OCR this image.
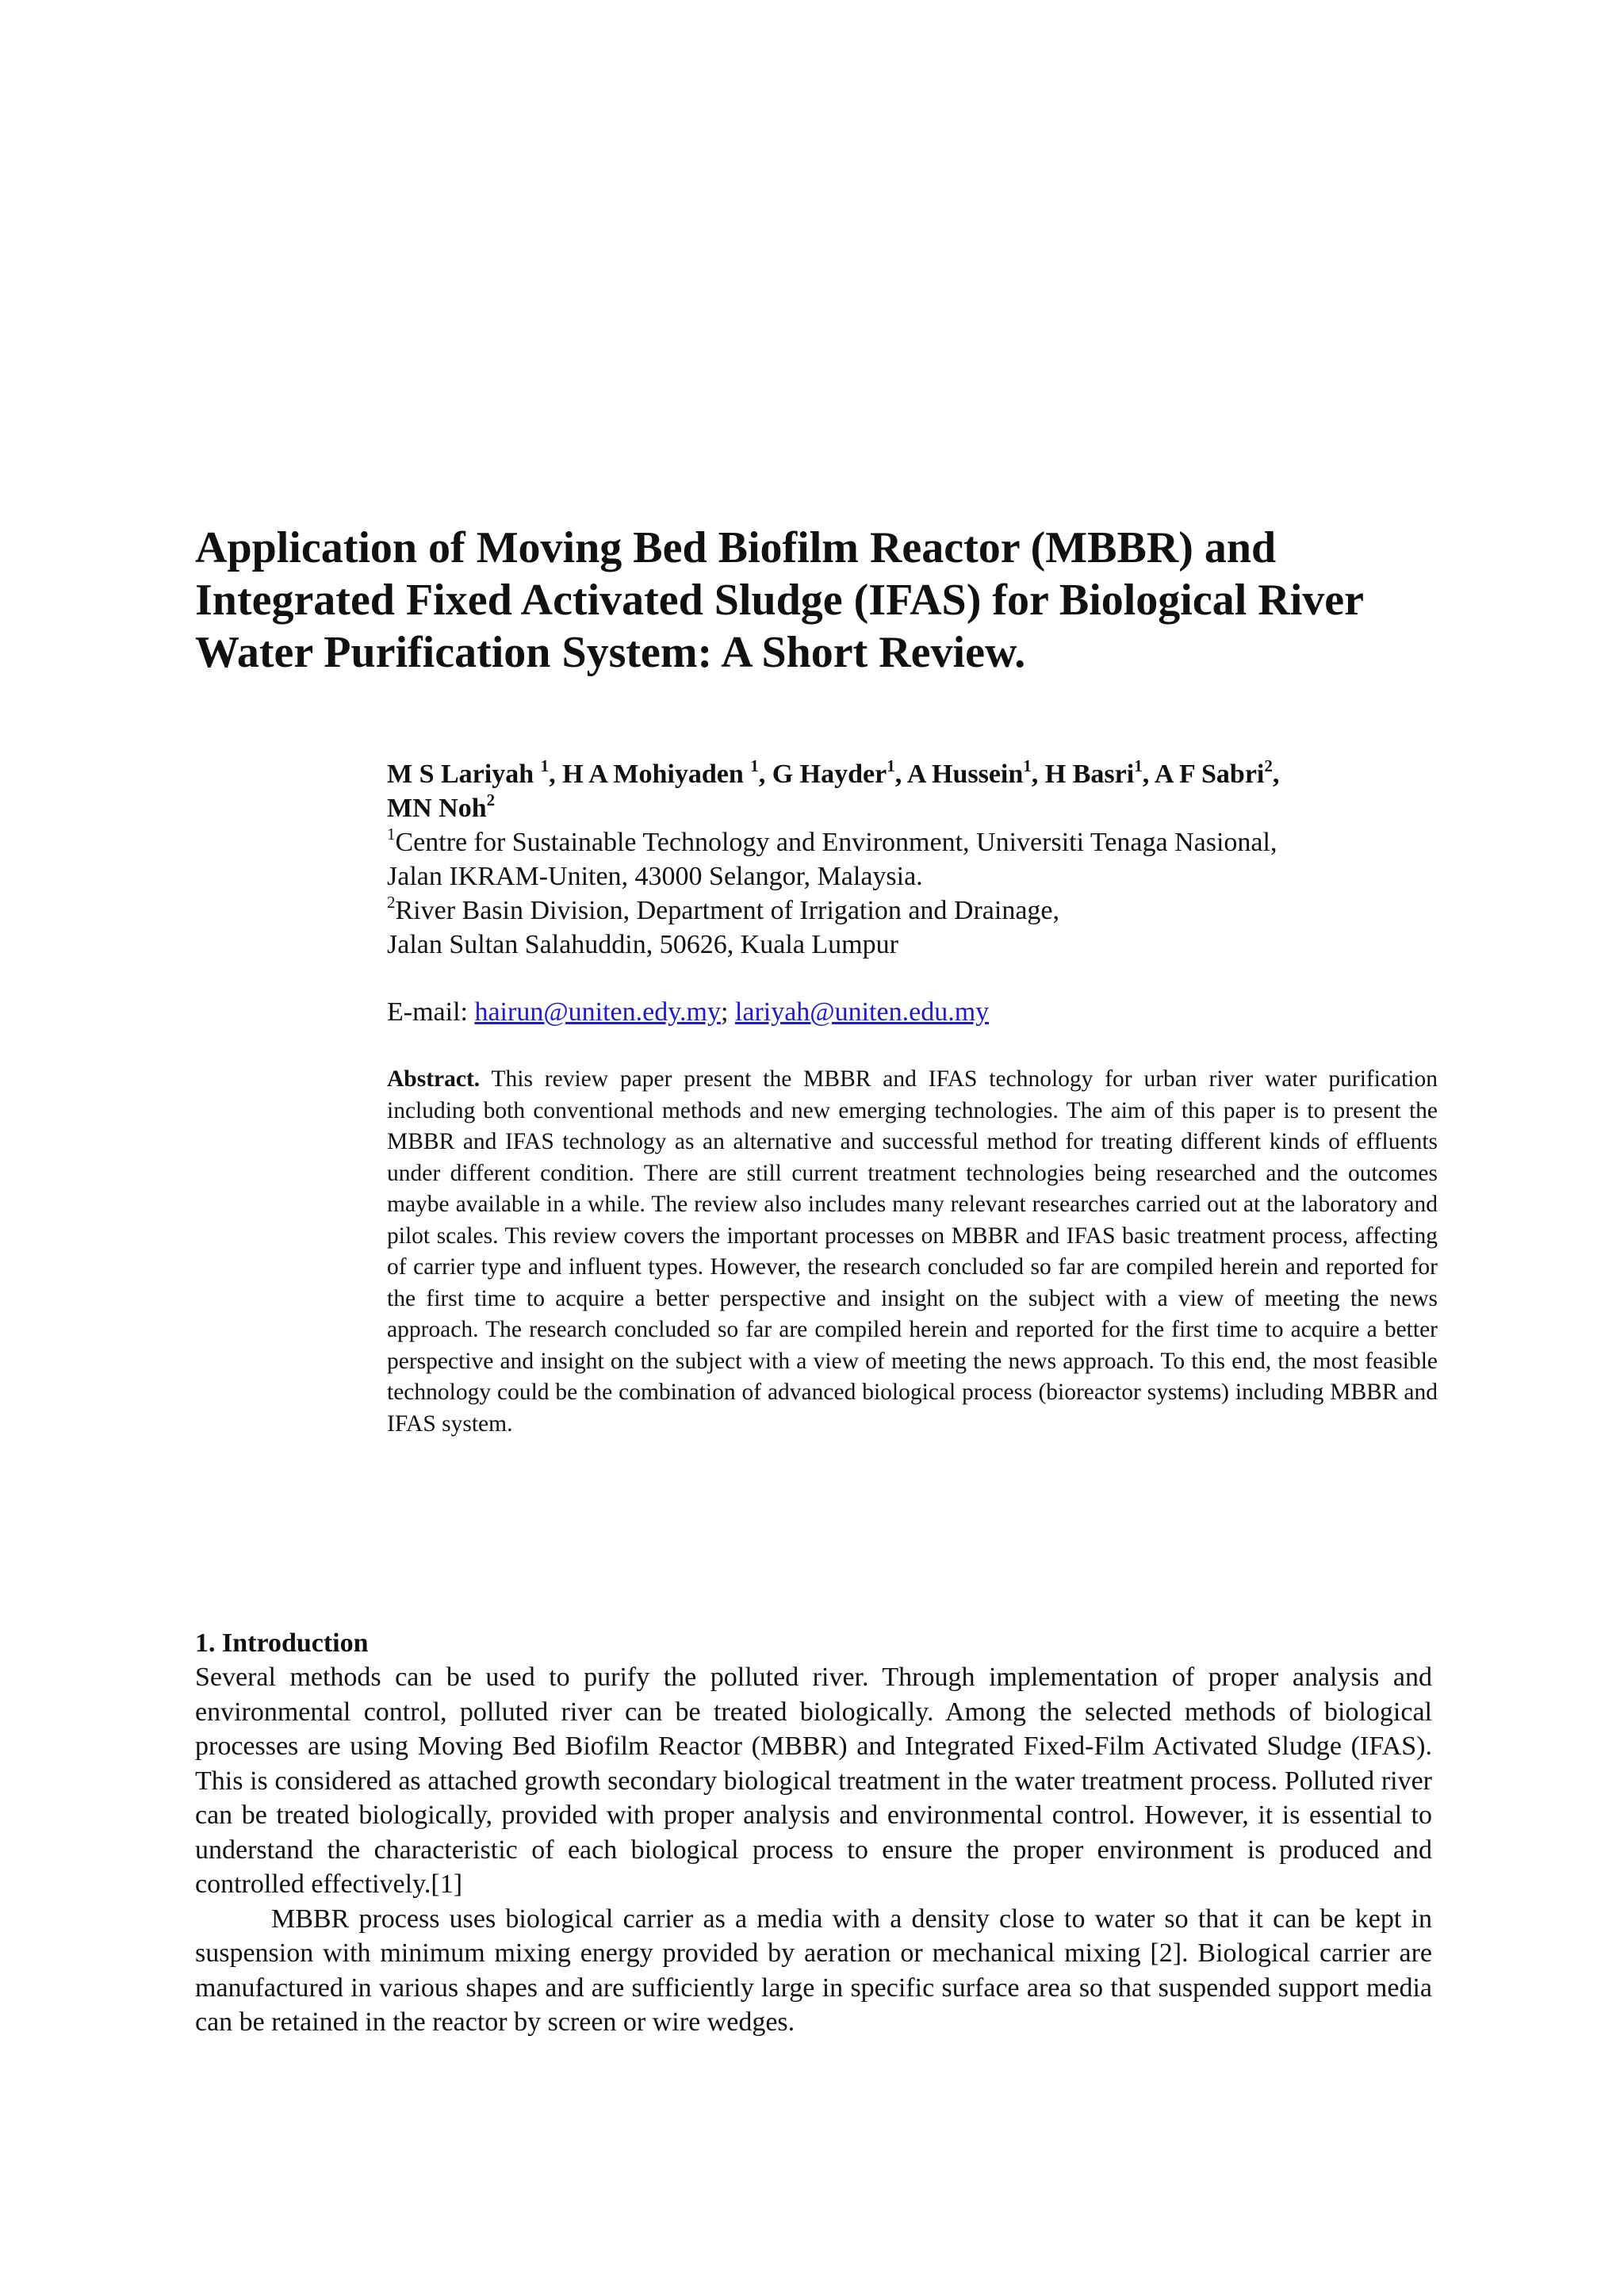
Application of Moving Bed Biofilm Reactor (MBBR) and
Integrated Fixed Activated Sludge (IFAS) for Biological River
Water Purification System: A Short Review.

M S Lariyah $^1$, H A Mohiyaden $^1$, G Hayder$^1$, A Hussein$^1$, H Basri$^1$, A F Sabri$^2$,
MN Noh$^2$

$^1$Centre for Sustainable Technology and Environment, Universiti Tenaga Nasional,
Jalan IKRAM-Uniten, 43000 Selangor, Malaysia.

$^2$River Basin Division, Department of Irrigation and Drainage,
Jalan Sultan Salahuddin, 50626, Kuala Lumpur

E-mail: hairun@uniten.edy.my; lariyah@uniten.edu.my

Abstract. This review paper present the MBBR and IFAS technology for urban river water purification including both conventional methods and new emerging technologies. The aim of this paper is to present the MBBR and IFAS technology as an alternative and successful method for treating different kinds of effluents under different condition. There are still current treatment technologies being researched and the outcomes maybe available in a while. The review also includes many relevant researches carried out at the laboratory and pilot scales. This review covers the important processes on MBBR and IFAS basic treatment process, affecting of carrier type and influent types. However, the research concluded so far are compiled herein and reported for the first time to acquire a better perspective and insight on the subject with a view of meeting the news approach. The research concluded so far are compiled herein and reported for the first time to acquire a better perspective and insight on the subject with a view of meeting the news approach. To this end, the most feasible technology could be the combination of advanced biological process (bioreactor systems) including MBBR and IFAS system.

1. Introduction

Several methods can be used to purify the polluted river. Through implementation of proper analysis and environmental control, polluted river can be treated biologically. Among the selected methods of biological processes are using Moving Bed Biofilm Reactor (MBBR) and Integrated Fixed-Film Activated Sludge (IFAS). This is considered as attached growth secondary biological treatment in the water treatment process. Polluted river can be treated biologically, provided with proper analysis and environmental control. However, it is essential to understand the characteristic of each biological process to ensure the proper environment is produced and controlled effectively.[1]

MBBR process uses biological carrier as a media with a density close to water so that it can be kept in suspension with minimum mixing energy provided by aeration or mechanical mixing [2]. Biological carrier are manufactured in various shapes and are sufficiently large in specific surface area so that suspended support media can be retained in the reactor by screen or wire wedges.
